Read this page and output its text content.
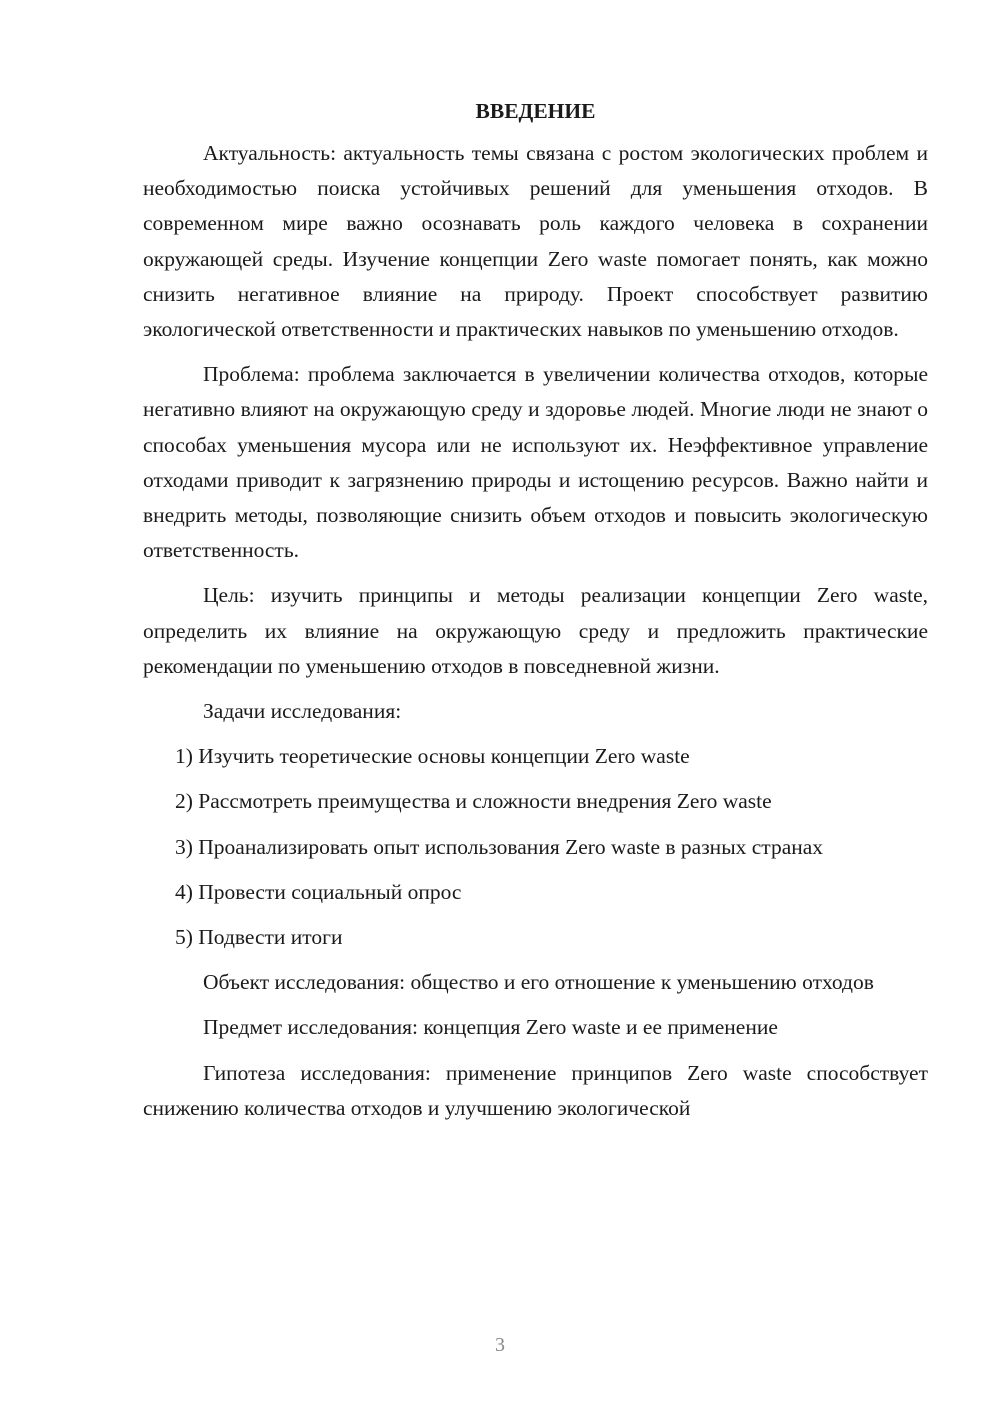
ВВЕДЕНИЕ

Актуальность: актуальность темы связана с ростом экологических проблем и необходимостью поиска устойчивых решений для уменьшения отходов. В современном мире важно осознавать роль каждого человека в сохранении окружающей среды. Изучение концепции Zero waste помогает понять, как можно снизить негативное влияние на природу. Проект способствует развитию экологической ответственности и практических навыков по уменьшению отходов.

Проблема: проблема заключается в увеличении количества отходов, которые негативно влияют на окружающую среду и здоровье людей. Многие люди не знают о способах уменьшения мусора или не используют их. Неэффективное управление отходами приводит к загрязнению природы и истощению ресурсов. Важно найти и внедрить методы, позволяющие снизить объем отходов и повысить экологическую ответственность.

Цель: изучить принципы и методы реализации концепции Zero waste, определить их влияние на окружающую среду и предложить практические рекомендации по уменьшению отходов в повседневной жизни.

Задачи исследования:

1) Изучить теоретические основы концепции Zero waste

2) Рассмотреть преимущества и сложности внедрения Zero waste

3) Проанализировать опыт использования Zero waste в разных странах

4) Провести социальный опрос

5) Подвести итоги

Объект исследования: общество и его отношение к уменьшению отходов

Предмет исследования: концепция Zero waste и ее применение

Гипотеза исследования: применение принципов Zero waste способствует снижению количества отходов и улучшению экологической

3
